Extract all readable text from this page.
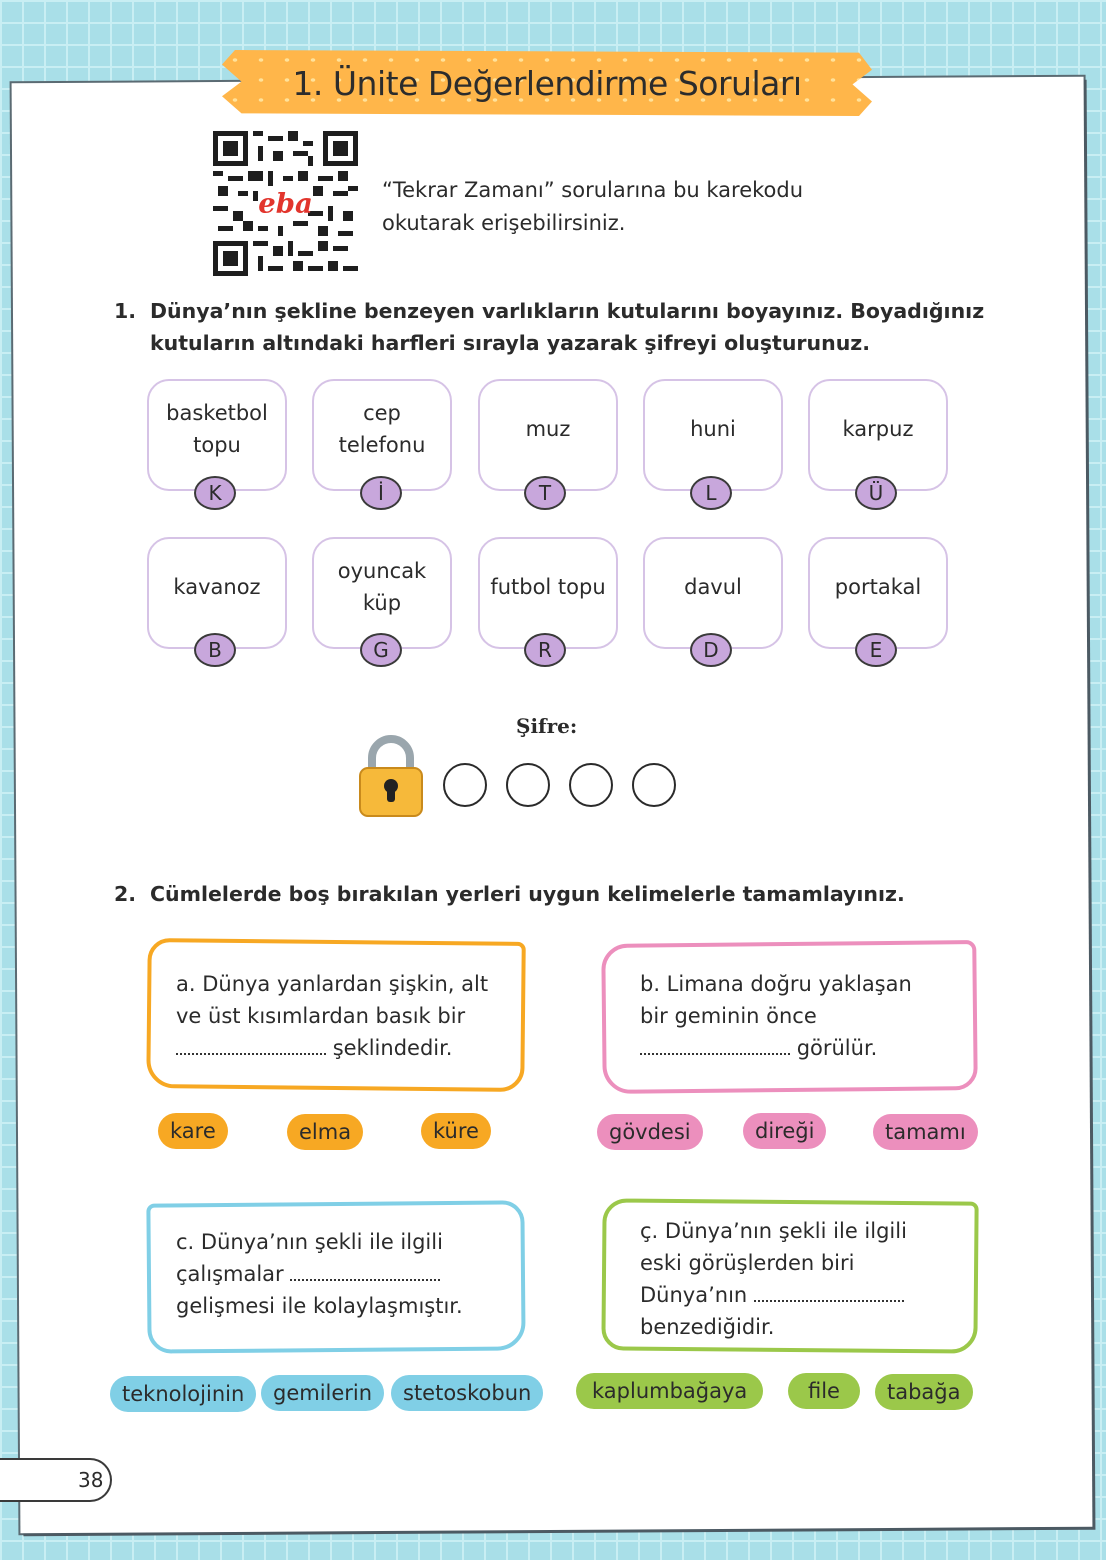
1. Ünite Değerlendirme Soruları
eba	“Tekrar Zamanı” sorularına bu karekodu
okutarak erişebilirsiniz.
1. Dünya’nın şekline benzeyen varlıkların kutularını boyayınız. Boyadığınız
kutuların altındaki harfleri sırayla yazarak şifreyi oluşturunuz.
basketbol
topu
cep
telefonu
muz	huni	karpuz
kavanoz
oyuncak
küp
futbol topu	davul	portakal
K	İ	T	L	Ü
B	G	R	D	E
Şifre:
2. Cümlelerde boş bırakılan yerleri uygun kelimelerle tamamlayınız.
a. Dünya yanlardan şişkin, alt
ve üst kısımlardan basık bir
şeklindedir.
kare	elma	küre
b. Limana doğru yaklaşan
bir geminin önce
görülür.
gövdesi	direği	tamamı
c. Dünya’nın şekli ile ilgili
çalışmalar
gelişmesi ile kolaylaşmıştır.
teknolojinin	gemilerin	stetoskobun
ç. Dünya’nın şekli ile ilgili
eski görüşlerden biri
Dünya’nın
benzediğidir.
kaplumbağaya	file	tabağa
38
